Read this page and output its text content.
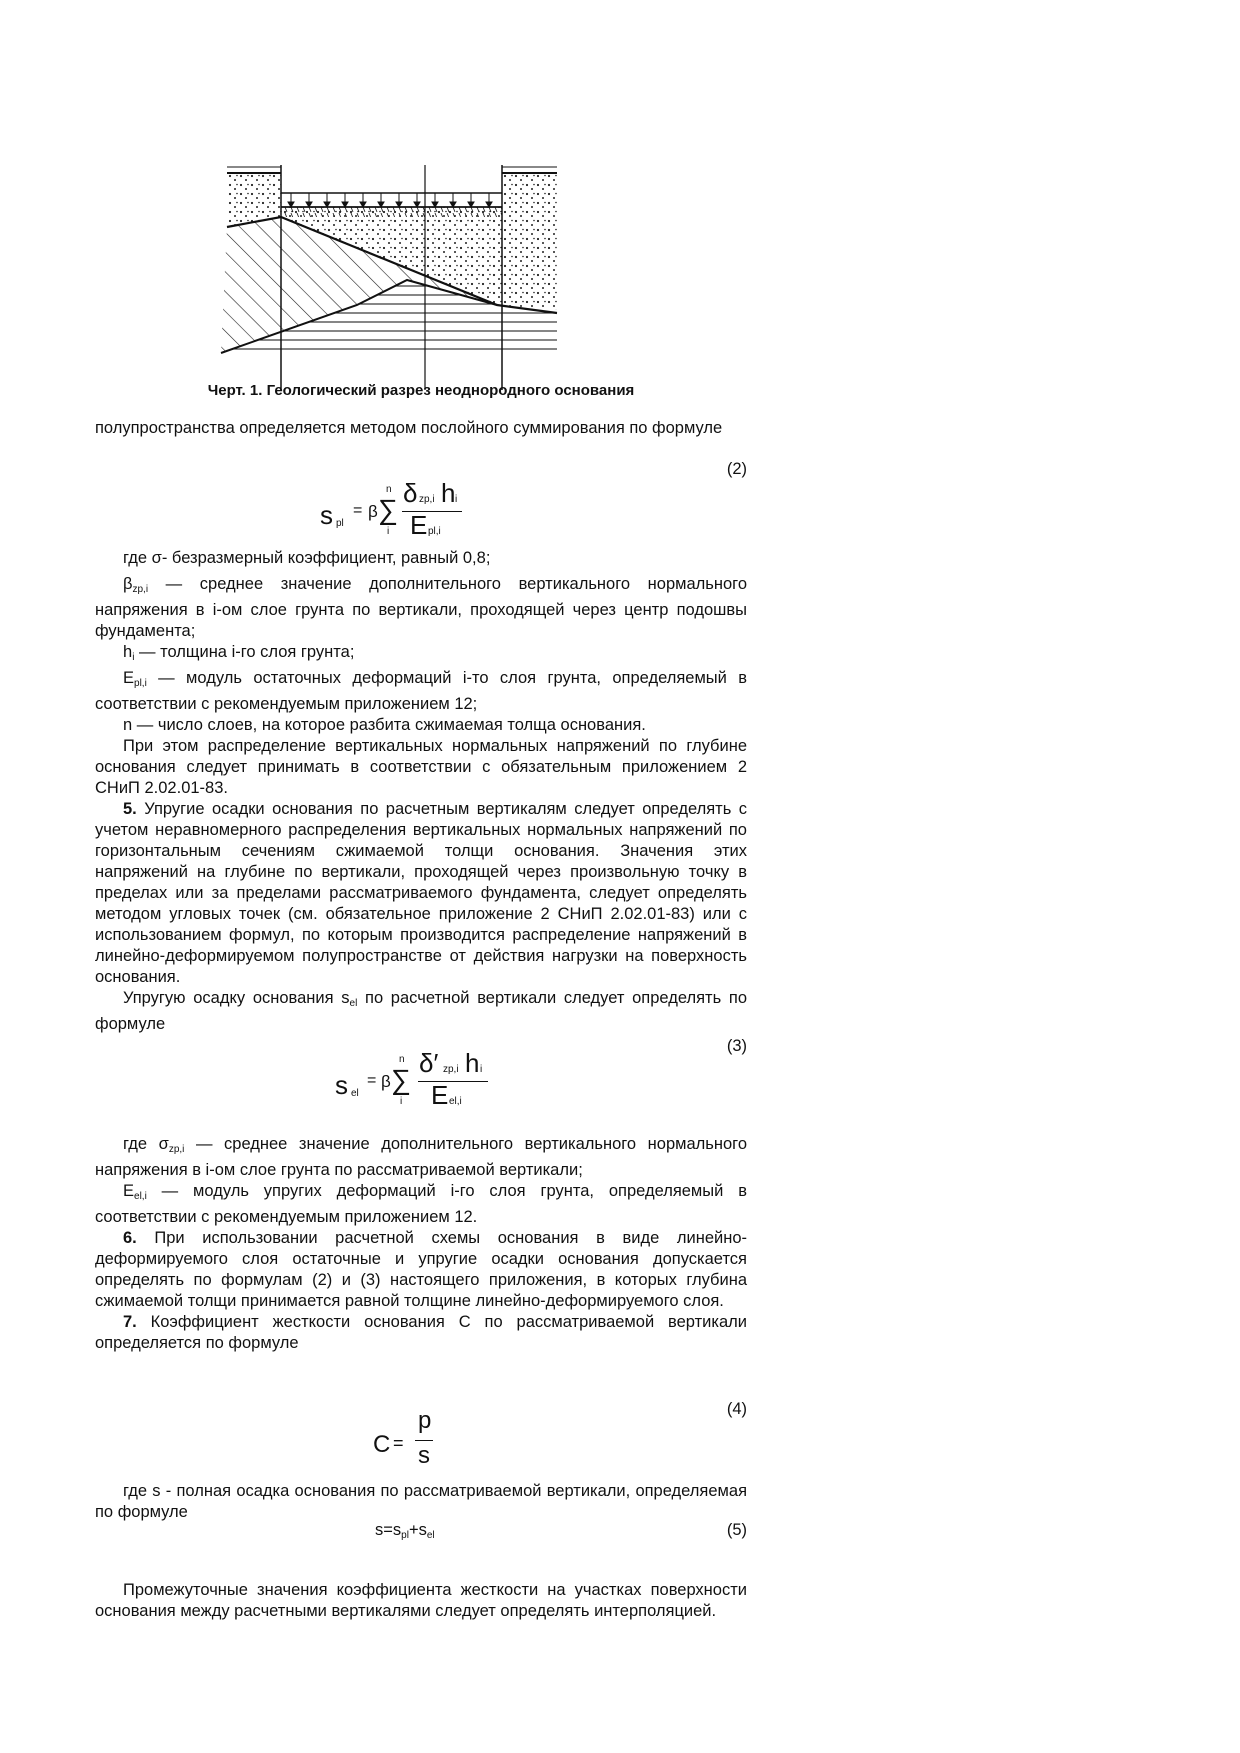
Черт. 1. Геологический разрез неоднородного основания

полупространства определяется методом послойного суммирования по формуле

(2)
s pl
= β ∑
n
i
δ zp,i h i
E pl,i

где σ- безразмерный коэффициент, равный 0,8;

$\beta_{zp,i}$ — среднее значение дополнительного вертикального нормального напряжения в i-ом слое грунта по вертикали, проходящей через центр подошвы фундамента;

$h_i$ — толщина i-го слоя грунта;

$E_{pl,i}$ — модуль остаточных деформаций i-то слоя грунта, определяемый в соответствии с рекомендуемым приложением 12;

n — число слоев, на которое разбита сжимаемая толща основания.

При этом распределение вертикальных нормальных напряжений по глубине основания следует принимать в соответствии с обязательным приложением 2 СНиП 2.02.01-83.

5. Упругие осадки основания по расчетным вертикалям следует определять с учетом неравномерного распределения вертикальных нормальных напряжений по горизонтальным сечениям сжимаемой толщи основания. Значения этих напряжений на глубине по вертикали, проходящей через произвольную точку в пределах или за пределами рассматриваемого фундамента, следует определять методом угловых точек (см. обязательное приложение 2 СНиП 2.02.01-83) или с использованием формул, по которым производится распределение напряжений в линейно-деформируемом полупространстве от действия нагрузки на поверхность основания.

Упругую осадку основания $s_{el}$ по расчетной вертикали следует определять по формуле

(3)
s el
= β ∑
n
i
δ′ zp,i h i
E el,i

где $\sigma_{zp,i}$ — среднее значение дополнительного вертикального нормального напряжения в i-ом слое грунта по рассматриваемой вертикали;

$E_{el,i}$ — модуль упругих деформаций i-го слоя грунта, определяемый в соответствии с рекомендуемым приложением 12.

6. При использовании расчетной схемы основания в виде линейно-деформируемого слоя остаточные и упругие осадки основания допускается определять по формулам (2) и (3) настоящего приложения, в которых глубина сжимаемой толщи принимается равной толщине линейно-деформируемого слоя.

7. Коэффициент жесткости основания С по рассматриваемой вертикали определяется по формуле

(4)
С =
p
s

где s - полная осадка основания по рассматриваемой вертикали, определяемая по формуле

$s=s_{pl}+s_{el}$	(5)

Промежуточные значения коэффициента жесткости на участках поверхности основания между расчетными вертикалями следует определять интерполяцией.
